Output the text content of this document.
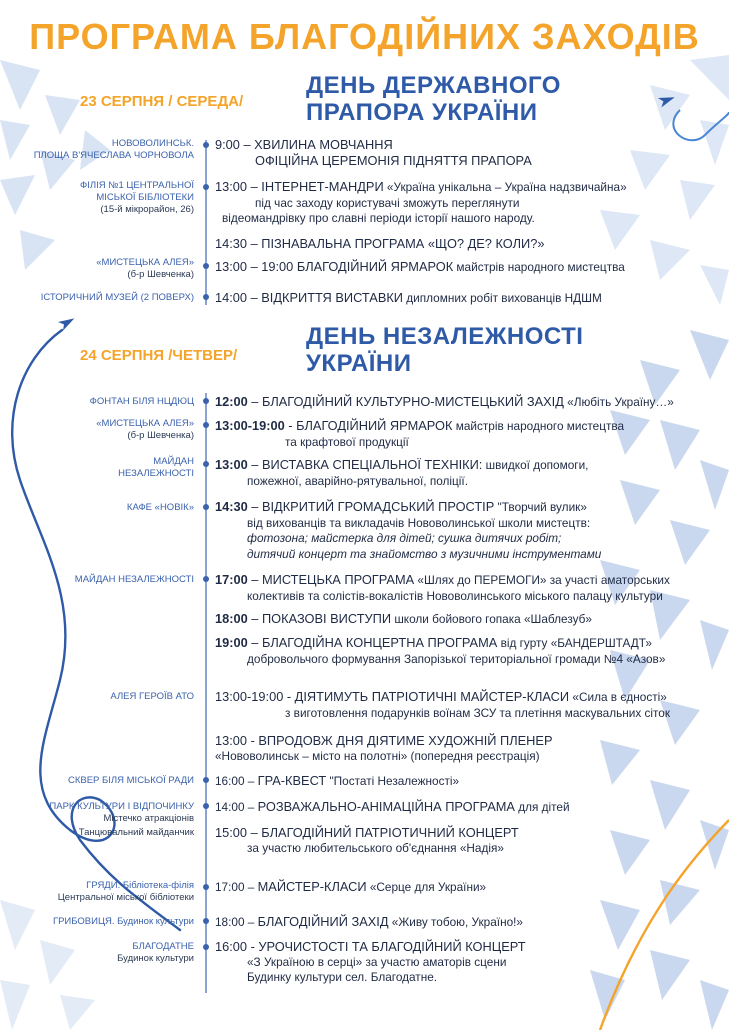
ПРОГРАМА БЛАГОДІЙНИХ ЗАХОДІВ
23 СЕРПНЯ / СЕРЕДА/
ДЕНЬ ДЕРЖАВНОГО
ПРАПОРА УКРАЇНИ
НОВОВОЛИНСЬК.
ПЛОЩА В'ЯЧЕСЛАВА ЧОРНОВОЛА
9:00 – ХВИЛИНА МОВЧАННЯ
ОФІЦІЙНА ЦЕРЕМОНІЯ ПІДНЯТТЯ ПРАПОРА
ФІЛІЯ №1 ЦЕНТРАЛЬНОЇ
МІСЬКОЇ БІБЛІОТЕКИ
(15-й мікрорайон, 26)
13:00 – ІНТЕРНЕТ-МАНДРИ «Україна унікальна – Україна надзвичайна»
під час заходу користувачі зможуть переглянути
відеомандрівку про славні періоди історії нашого народу.
14:30 – ПІЗНАВАЛЬНА ПРОГРАМА «ЩО? ДЕ? КОЛИ?»
«МИСТЕЦЬКА АЛЕЯ»
(б-р Шевченка)
13:00 – 19:00 БЛАГОДІЙНИЙ ЯРМАРОК майстрів народного мистецтва
ІСТОРИЧНИЙ МУЗЕЙ (2 ПОВЕРХ) 14:00 – ВІДКРИТТЯ ВИСТАВКИ дипломних робіт вихованців НДШМ
24 СЕРПНЯ /ЧЕТВЕР/
ДЕНЬ НЕЗАЛЕЖНОСТІ
УКРАЇНИ
ФОНТАН БІЛЯ НЦДЮЦ 12:00 – БЛАГОДІЙНИЙ КУЛЬТУРНО-МИСТЕЦЬКИЙ ЗАХІД «Любіть Україну…»
«МИСТЕЦЬКА АЛЕЯ»
(б-р Шевченка)
13:00-19:00 - БЛАГОДІЙНИЙ ЯРМАРОК майстрів народного мистецтва
та крафтової продукції
МАЙДАН
НЕЗАЛЕЖНОСТІ
13:00 – ВИСТАВКА СПЕЦІАЛЬНОЇ ТЕХНІКИ: швидкої допомоги,
пожежної, аварійно-рятувальної, поліції.
КАФЕ «НОВІК» 14:30 – ВІДКРИТИЙ ГРОМАДСЬКИЙ ПРОСТІР "Творчий вулик»
від вихованців та викладачів Нововолинської школи мистецтв:
фотозона; майстерка для дітей; сушка дитячих робіт;
дитячий концерт та знайомство з музичними інструментами
МАЙДАН НЕЗАЛЕЖНОСТІ 17:00 – МИСТЕЦЬКА ПРОГРАМА «Шлях до ПЕРЕМОГИ» за участі аматорських
колективів та солістів-вокалістів Нововолинського міського палацу культури
18:00 – ПОКАЗОВІ ВИСТУПИ школи бойового гопака «Шаблезуб»
19:00 – БЛАГОДІЙНА КОНЦЕРТНА ПРОГРАМА від гурту «БАНДЕРШТАДТ»
добровольчого формування Запорізької територіальної громади №4 «Азов»
АЛЕЯ ГЕРОЇВ АТО 13:00-19:00 - ДІЯТИМУТЬ ПАТРІОТИЧНІ МАЙСТЕР-КЛАСИ «Сила в єдності»
з виготовлення подарунків воїнам ЗСУ та плетіння маскувальних сіток
13:00 - ВПРОДОВЖ ДНЯ ДІЯТИМЕ ХУДОЖНІЙ ПЛЕНЕР
«Нововолинськ – місто на полотні» (попередня реєстрація)
СКВЕР БІЛЯ МІСЬКОЇ РАДИ 16:00 – ГРА-КВЕСТ "Постаті Незалежності»
ПАРК КУЛЬТУРИ І ВІДПОЧИНКУ
Містечко атракціонів
14:00 – РОЗВАЖАЛЬНО-АНІМАЦІЙНА ПРОГРАМА для дітей
Танцювальний майданчик 15:00 – БЛАГОДІЙНИЙ ПАТРІОТИЧНИЙ КОНЦЕРТ
за участю любительського об'єднання «Надія»
ГРЯДИ. Бібліотека-філія
Центральної міської бібліотеки
17:00 – МАЙСТЕР-КЛАСИ «Серце для України»
ГРИБОВИЦЯ. Будинок культури 18:00 – БЛАГОДІЙНИЙ ЗАХІД «Живу тобою, Україно!»
БЛАГОДАТНЕ
Будинок культури
16:00 - УРОЧИСТОСТІ ТА БЛАГОДІЙНИЙ КОНЦЕРТ
«З Україною в серці» за участю аматорів сцени
Будинку культури сел. Благодатне.
